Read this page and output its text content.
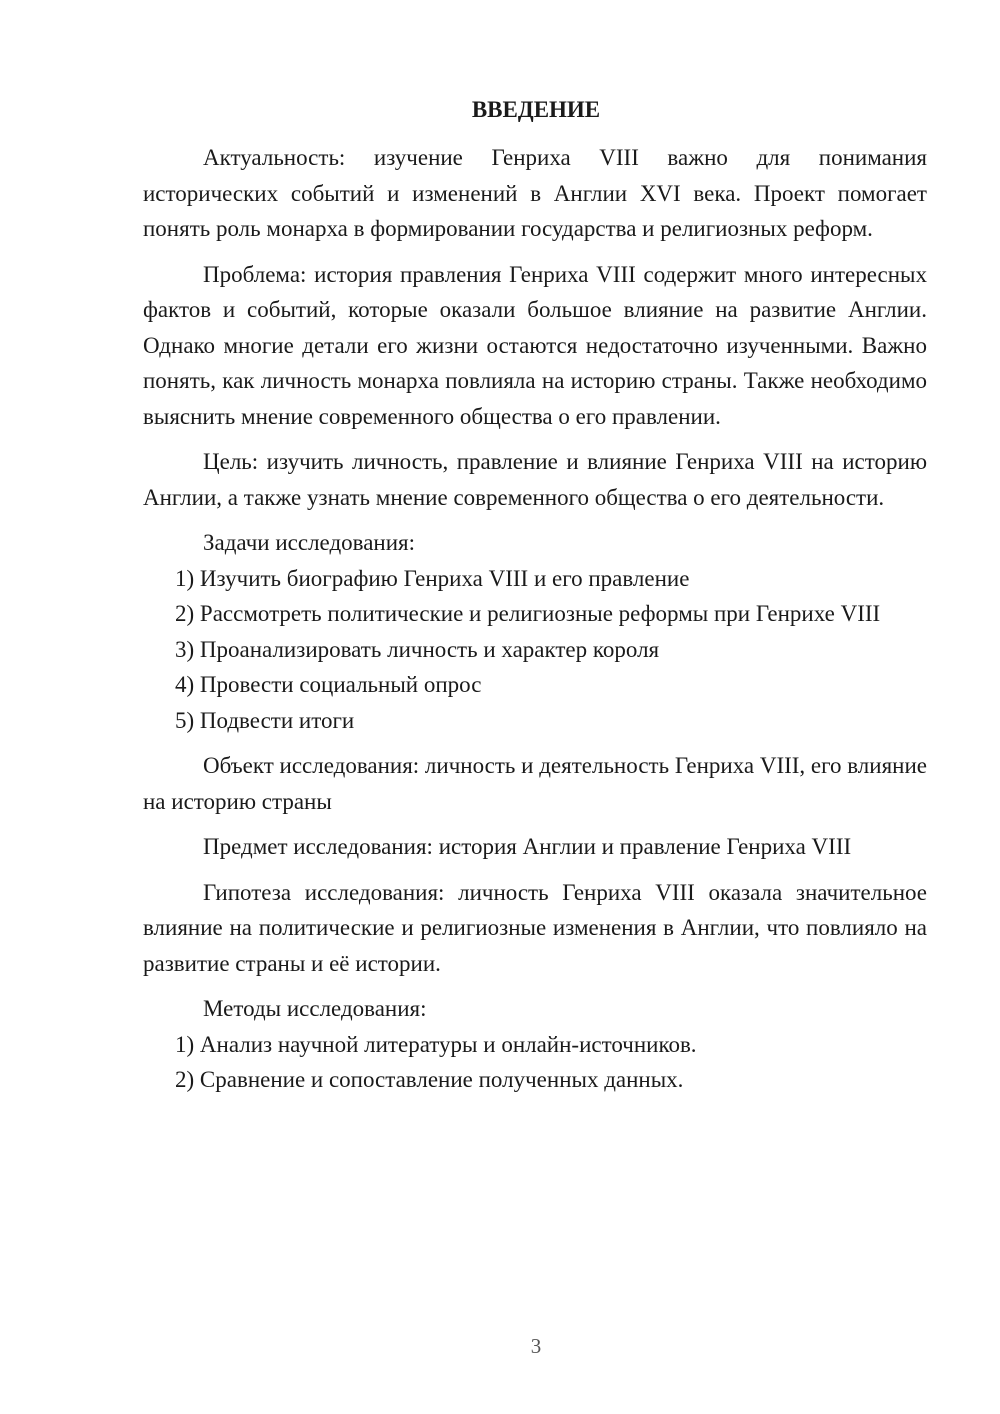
ВВЕДЕНИЕ

Актуальность: изучение Генриха VIII важно для понимания исторических событий и изменений в Англии XVI века. Проект помогает понять роль монарха в формировании государства и религиозных реформ.

Проблема: история правления Генриха VIII содержит много интересных фактов и событий, которые оказали большое влияние на развитие Англии. Однако многие детали его жизни остаются недостаточно изученными. Важно понять, как личность монарха повлияла на историю страны. Также необходимо выяснить мнение современного общества о его правлении.

Цель: изучить личность, правление и влияние Генриха VIII на историю Англии, а также узнать мнение современного общества о его деятельности.

Задачи исследования:

1) Изучить биографию Генриха VIII и его правление

2) Рассмотреть политические и религиозные реформы при Генрихе VIII

3) Проанализировать личность и характер короля

4) Провести социальный опрос

5) Подвести итоги

Объект исследования: личность и деятельность Генриха VIII, его влияние на историю страны

Предмет исследования: история Англии и правление Генриха VIII

Гипотеза исследования: личность Генриха VIII оказала значительное влияние на политические и религиозные изменения в Англии, что повлияло на развитие страны и её истории.

Методы исследования:

1) Анализ научной литературы и онлайн-источников.

2) Сравнение и сопоставление полученных данных.

3
